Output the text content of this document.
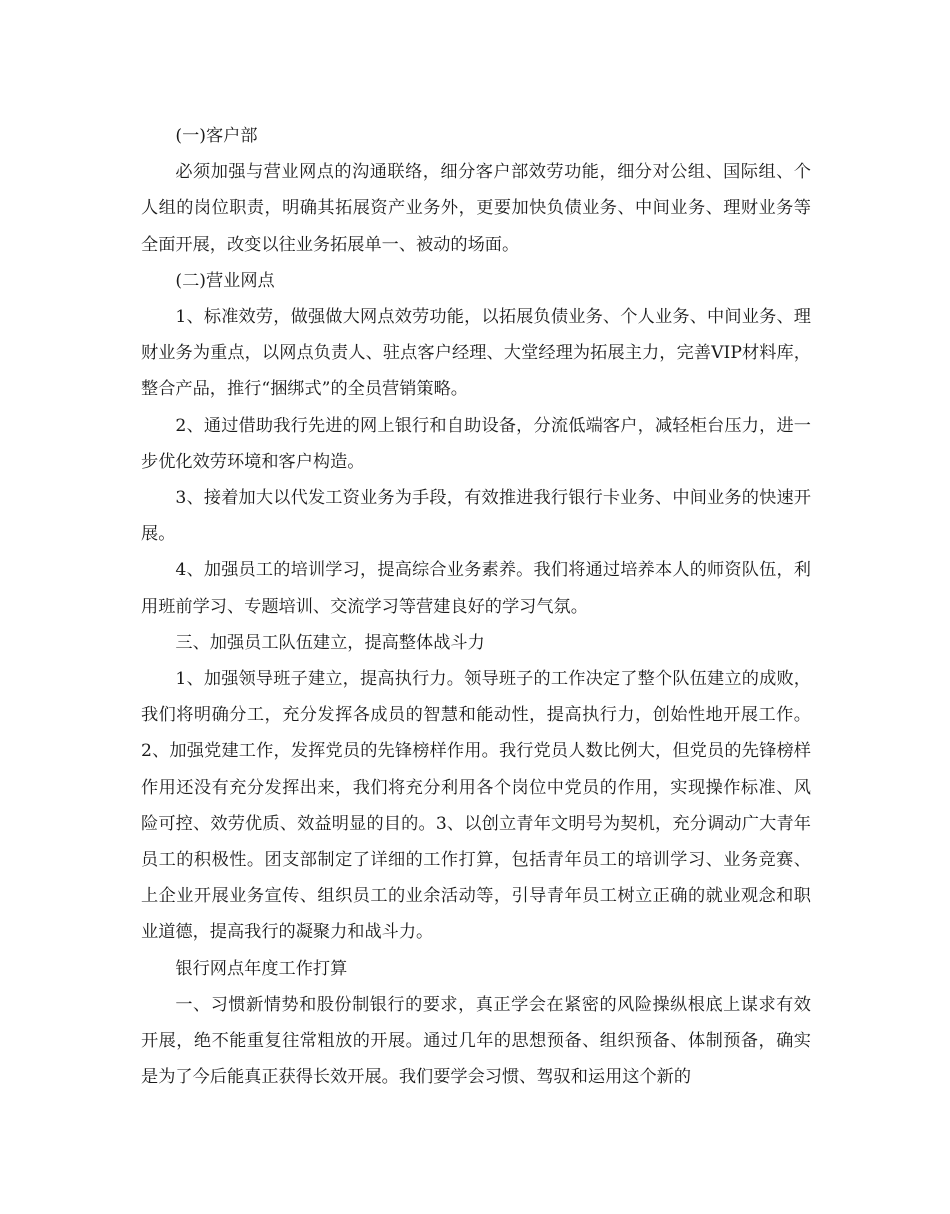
(一)客户部

必须加强与营业网点的沟通联络，细分客户部效劳功能，细分对公组、国际组、个人组的岗位职责，明确其拓展资产业务外，更要加快负债业务、中间业务、理财业务等全面开展，改变以往业务拓展单一、被动的场面。

(二)营业网点

1、标准效劳，做强做大网点效劳功能，以拓展负债业务、个人业务、中间业务、理财业务为重点，以网点负责人、驻点客户经理、大堂经理为拓展主力，完善VIP材料库，整合产品，推行“捆绑式”的全员营销策略。

2、通过借助我行先进的网上银行和自助设备，分流低端客户，减轻柜台压力，进一步优化效劳环境和客户构造。

3、接着加大以代发工资业务为手段，有效推进我行银行卡业务、中间业务的快速开展。

4、加强员工的培训学习，提高综合业务素养。我们将通过培养本人的师资队伍，利用班前学习、专题培训、交流学习等营建良好的学习气氛。

三、加强员工队伍建立，提高整体战斗力

1、加强领导班子建立，提高执行力。领导班子的工作决定了整个队伍建立的成败，我们将明确分工，充分发挥各成员的智慧和能动性，提高执行力，创始性地开展工作。2、加强党建工作，发挥党员的先锋榜样作用。我行党员人数比例大，但党员的先锋榜样作用还没有充分发挥出来，我们将充分利用各个岗位中党员的作用，实现操作标准、风险可控、效劳优质、效益明显的目的。3、以创立青年文明号为契机，充分调动广大青年员工的积极性。团支部制定了详细的工作打算，包括青年员工的培训学习、业务竞赛、上企业开展业务宣传、组织员工的业余活动等，引导青年员工树立正确的就业观念和职业道德，提高我行的凝聚力和战斗力。

银行网点年度工作打算

一、习惯新情势和股份制银行的要求，真正学会在紧密的风险操纵根底上谋求有效开展，绝不能重复往常粗放的开展。通过几年的思想预备、组织预备、体制预备，确实是为了今后能真正获得长效开展。我们要学会习惯、驾驭和运用这个新的
